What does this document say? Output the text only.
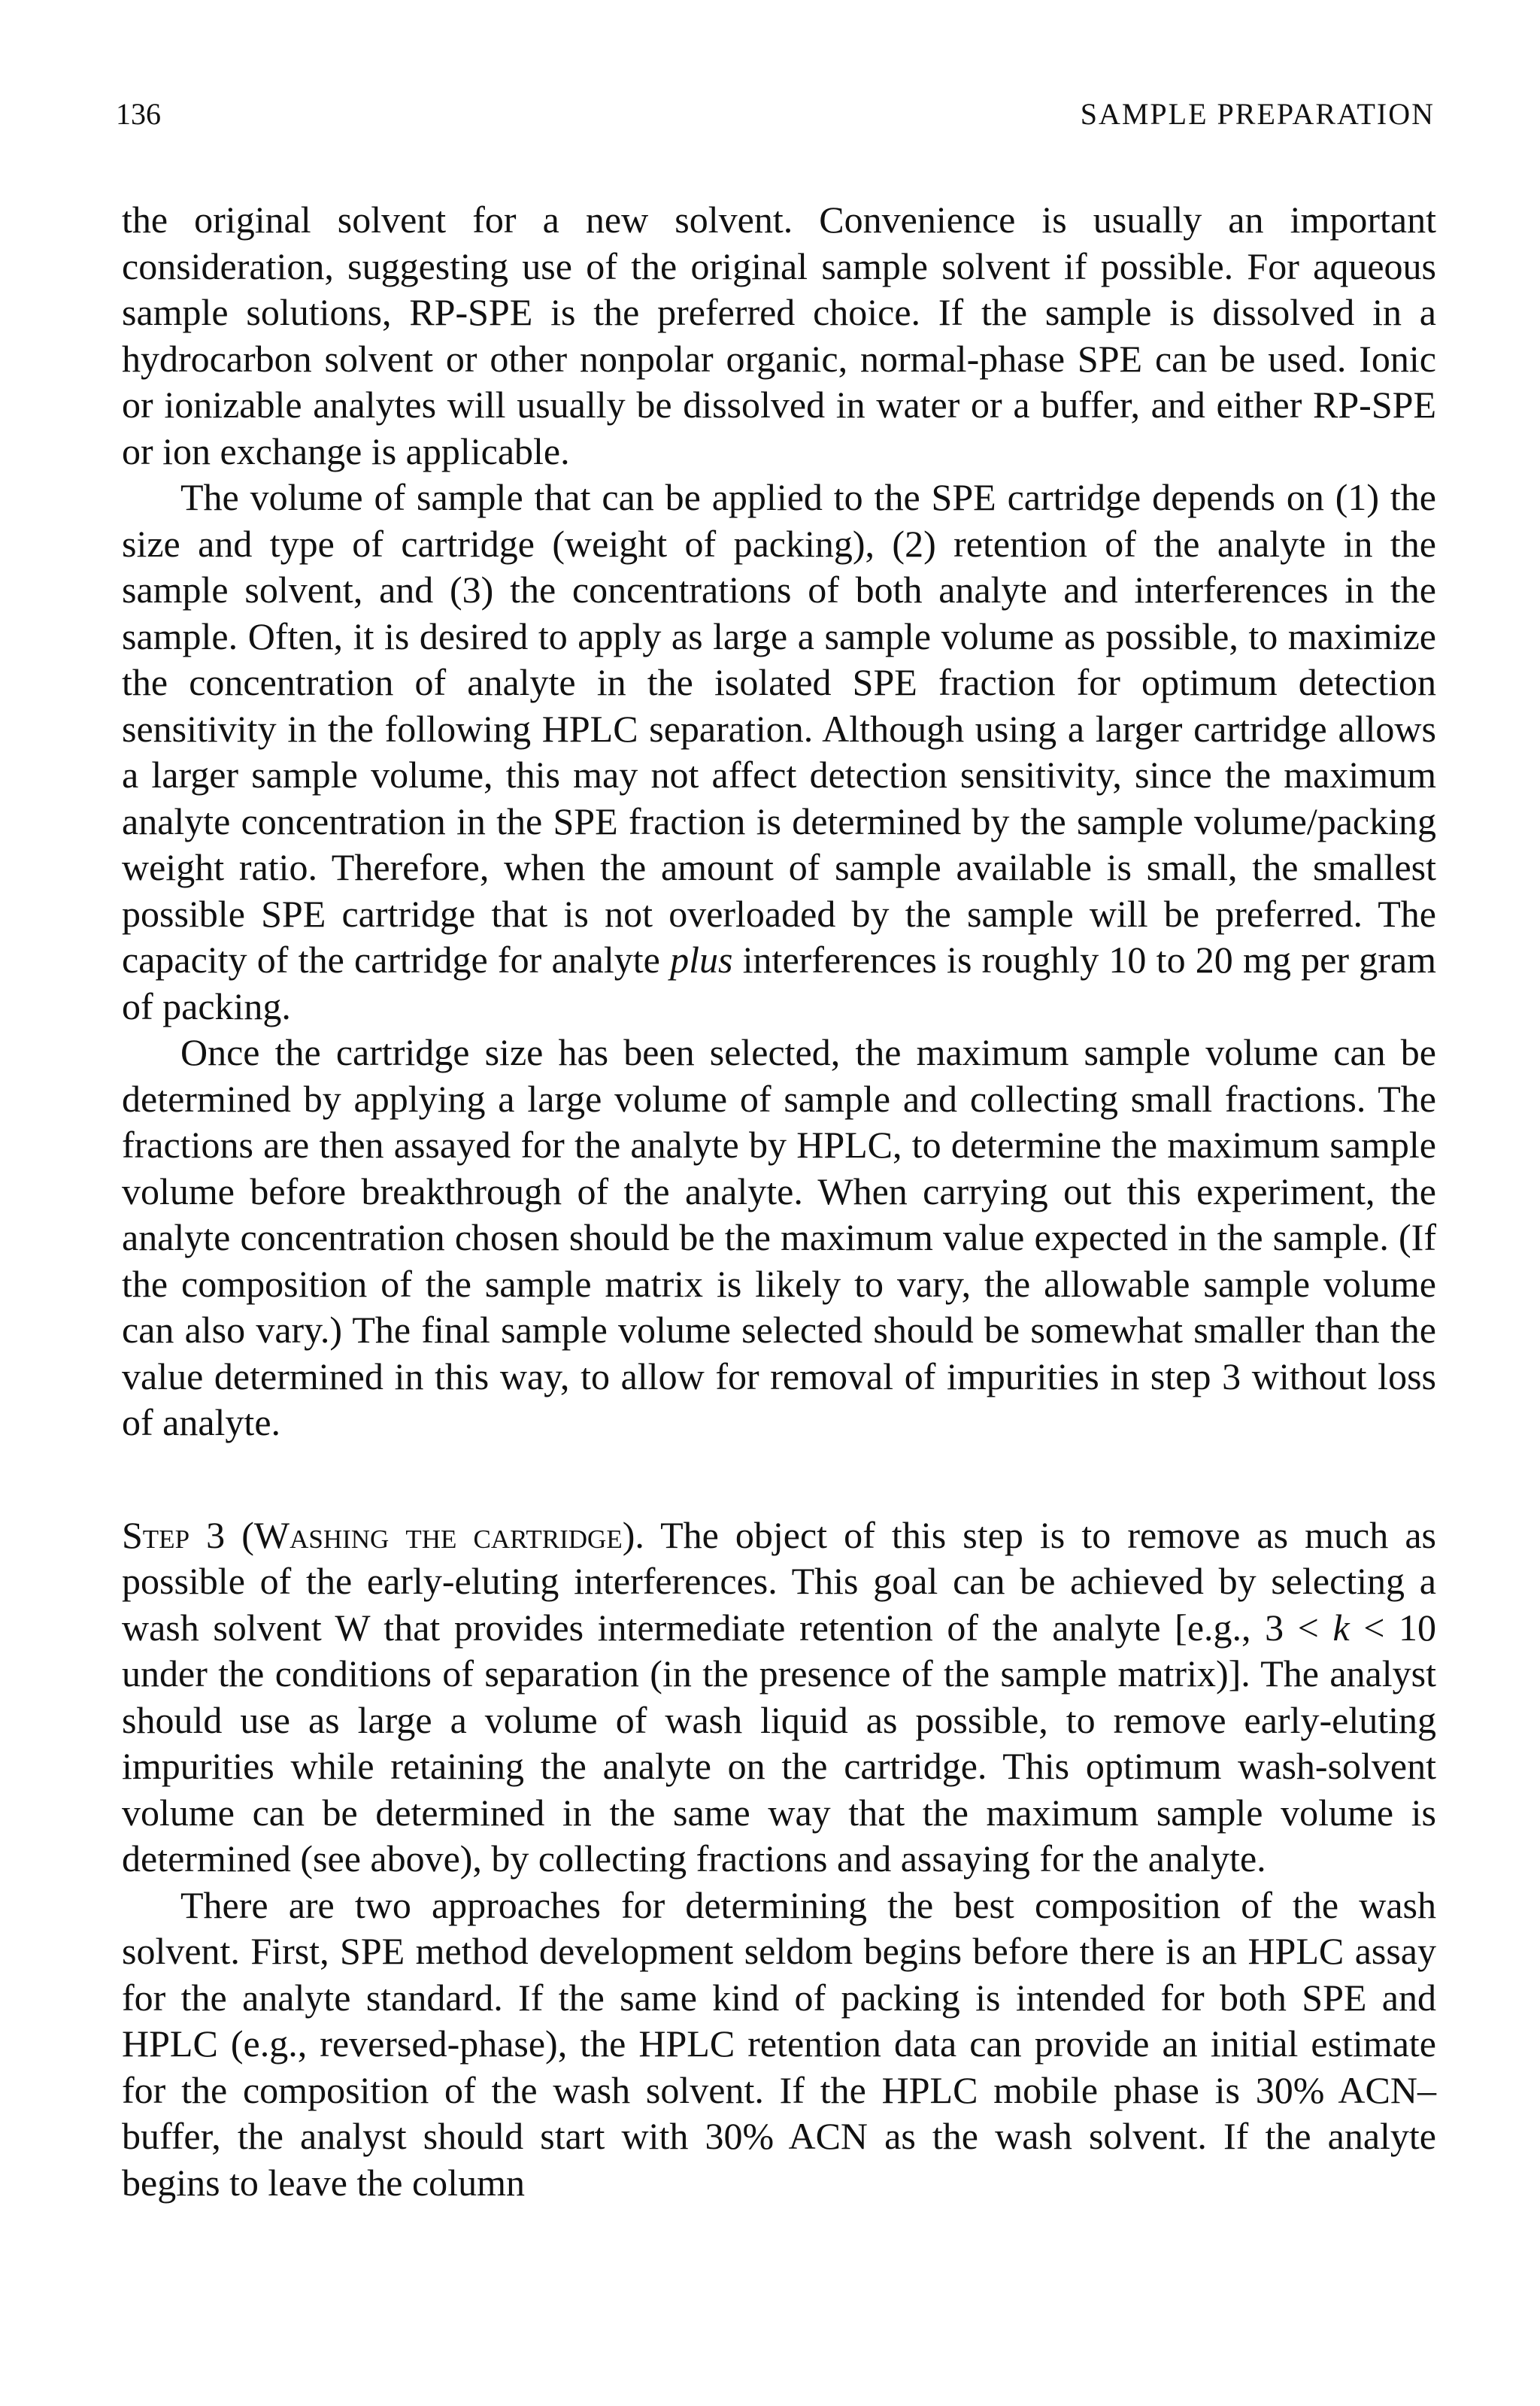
136	SAMPLE PREPARATION

the original solvent for a new solvent. Convenience is usually an important consideration, suggesting use of the original sample solvent if possible. For aqueous sample solutions, RP-SPE is the preferred choice. If the sample is dissolved in a hydrocarbon solvent or other nonpolar organic, normal-phase SPE can be used. Ionic or ionizable analytes will usually be dissolved in water or a buffer, and either RP-SPE or ion exchange is applicable.

The volume of sample that can be applied to the SPE cartridge depends on (1) the size and type of cartridge (weight of packing), (2) retention of the analyte in the sample solvent, and (3) the concentrations of both analyte and interferences in the sample. Often, it is desired to apply as large a sample volume as possible, to maximize the concentration of analyte in the isolated SPE fraction for optimum detection sensitivity in the following HPLC separation. Although using a larger cartridge allows a larger sample volume, this may not affect detection sensitivity, since the maximum analyte concentration in the SPE fraction is determined by the sample volume/packing weight ratio. Therefore, when the amount of sample available is small, the smallest possible SPE cartridge that is not overloaded by the sample will be preferred. The capacity of the cartridge for analyte plus interferences is roughly 10 to 20 mg per gram of packing.

Once the cartridge size has been selected, the maximum sample volume can be determined by applying a large volume of sample and collecting small fractions. The fractions are then assayed for the analyte by HPLC, to determine the maximum sample volume before breakthrough of the analyte. When carrying out this experiment, the analyte concentration chosen should be the maximum value expected in the sample. (If the composition of the sample matrix is likely to vary, the allowable sample volume can also vary.) The final sample volume selected should be somewhat smaller than the value determined in this way, to allow for removal of impurities in step 3 without loss of analyte.

Step 3 (Washing the cartridge). The object of this step is to remove as much as possible of the early-eluting interferences. This goal can be achieved by selecting a wash solvent W that provides intermediate retention of the analyte [e.g., 3 < k < 10 under the conditions of separation (in the presence of the sample matrix)]. The analyst should use as large a volume of wash liquid as possible, to remove early-eluting impurities while retaining the analyte on the cartridge. This optimum wash-solvent volume can be determined in the same way that the maximum sample volume is determined (see above), by collecting fractions and assaying for the analyte.

There are two approaches for determining the best composition of the wash solvent. First, SPE method development seldom begins before there is an HPLC assay for the analyte standard. If the same kind of packing is intended for both SPE and HPLC (e.g., reversed-phase), the HPLC retention data can provide an initial estimate for the composition of the wash solvent. If the HPLC mobile phase is 30% ACN–buffer, the analyst should start with 30% ACN as the wash solvent. If the analyte begins to leave the column
